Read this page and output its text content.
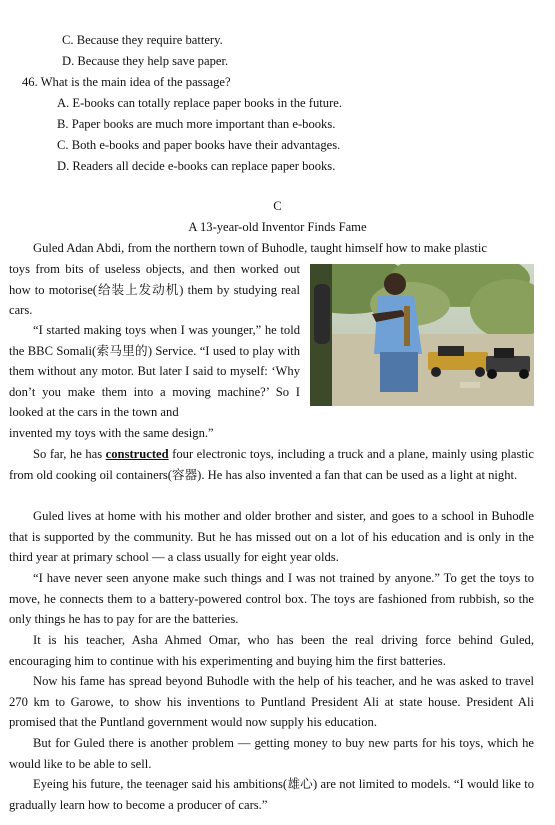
C. Because they require battery.
D. Because they help save paper.
46. What is the main idea of the passage?
A. E-books can totally replace paper books in the future.
B. Paper books are much more important than e-books.
C. Both e-books and paper books have their advantages.
D. Readers all decide e-books can replace paper books.
C
A 13-year-old Inventor Finds Fame
Guled Adan Abdi, from the northern town of Buhodle, taught himself how to make plastic
toys from bits of useless objects, and then worked out how to motorise(给装上发动机) them by studying real cars.
“I started making toys when I was younger,” he told the BBC Somali(索马里的) Service. “I used to play with them without any motor. But later I said to myself: ‘Why don’t you make them into a moving machine?’ So I looked at the cars in the town and
invented my toys with the same design.”
So far, he has constructed four electronic toys, including a truck and a plane, mainly using plastic from old cooking oil containers(容器). He has also invented a fan that can be used as a light at night.
Guled lives at home with his mother and older brother and sister, and goes to a school in Buhodle that is supported by the community. But he has missed out on a lot of his education and is only in the third year at primary school — a class usually for eight year olds.
“I have never seen anyone make such things and I was not trained by anyone.” To get the toys to move, he connects them to a battery-powered control box. The toys are fashioned from rubbish, so the only things he has to pay for are the batteries.
It is his teacher, Asha Ahmed Omar, who has been the real driving force behind Guled, encouraging him to continue with his experimenting and buying him the first batteries.
Now his fame has spread beyond Buhodle with the help of his teacher, and he was asked to travel 270 km to Garowe, to show his inventions to Puntland President Ali at state house. President Ali promised that the Puntland government would now supply his education.
But for Guled there is another problem — getting money to buy new parts for his toys, which he would like to be able to sell.
Eyeing his future, the teenager said his ambitions(雄心) are not limited to models. “I would like to gradually learn how to become a producer of cars.”
